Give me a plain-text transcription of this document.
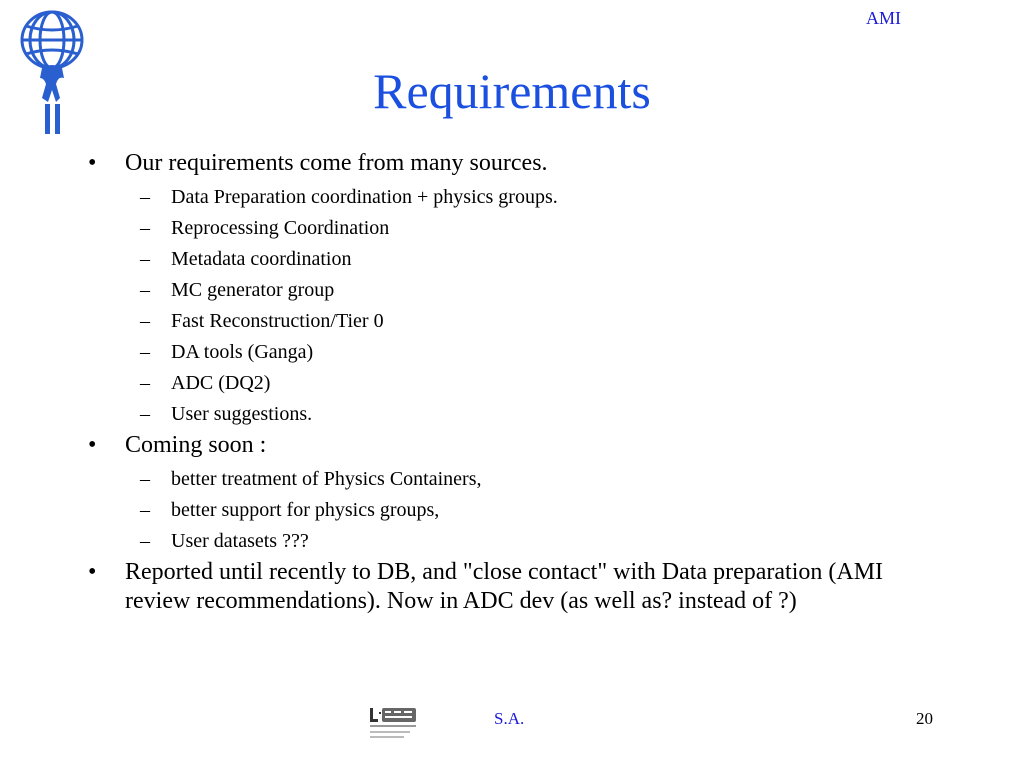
AMI
Requirements
• Our requirements come from many sources.
– Data Preparation coordination + physics groups.
– Reprocessing Coordination
– Metadata coordination
– MC generator group
– Fast Reconstruction/Tier 0
– DA tools (Ganga)
– ADC (DQ2)
– User suggestions.
• Coming soon :
– better treatment of Physics Containers,
– better support for physics groups,
– User datasets ???
• Reported until recently to DB, and "close contact" with Data preparation (AMI review recommendations). Now in ADC dev (as well as? instead of ?)
S.A.	20
